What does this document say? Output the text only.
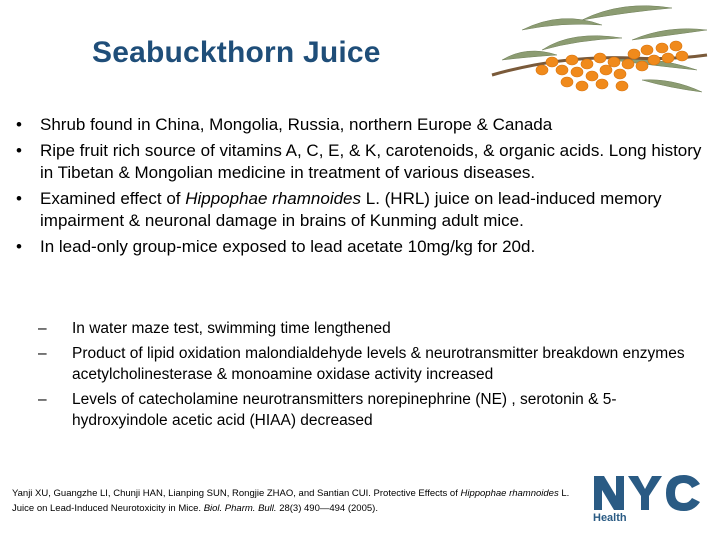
Seabuckthorn Juice
•	Shrub found in China, Mongolia, Russia, northern Europe & Canada
•	Ripe fruit rich source of vitamins A, C, E, & K, carotenoids, & organic acids. Long history in Tibetan & Mongolian medicine in treatment of various diseases.
•	Examined effect of Hippophae rhamnoides L. (HRL) juice on lead-induced memory impairment & neuronal damage in brains of Kunming adult mice.
•	In lead-only group-mice exposed to lead acetate 10mg/kg for 20d.
–	In water maze test, swimming time lengthened
–	Product of lipid oxidation malondialdehyde levels & neurotransmitter breakdown enzymes acetylcholinesterase & monoamine oxidase activity increased
–	Levels of catecholamine neurotransmitters norepinephrine (NE) , serotonin & 5-hydroxyindole acetic acid (HIAA) decreased
Yanji XU, Guangzhe LI, Chunji HAN, Lianping SUN, Rongjie ZHAO, and Santian CUI. Protective Effects of Hippophae rhamnoides L. Juice on Lead-Induced Neurotoxicity in Mice. Biol. Pharm. Bull. 28(3) 490—494 (2005).
Health
